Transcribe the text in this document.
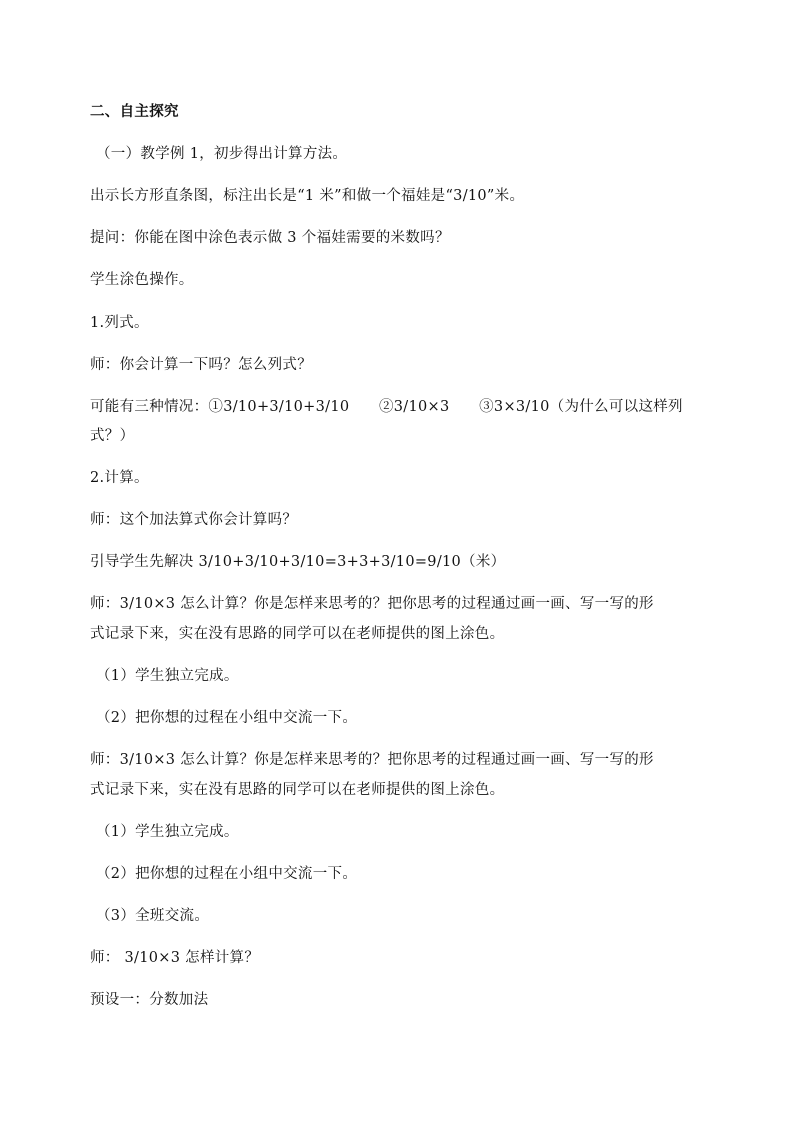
二、自主探究
（一）教学例 1，初步得出计算方法。
出示长方形直条图，标注出长是“1 米”和做一个福娃是“3/10”米。
提问：你能在图中涂色表示做 3 个福娃需要的米数吗？
学生涂色操作。
1.列式。
师：你会计算一下吗？怎么列式？
可能有三种情况：①3/10+3/10+3/10　　②3/10×3　　③3×3/10（为什么可以这样列
式？）
2.计算。
师：这个加法算式你会计算吗？
引导学生先解决 3/10+3/10+3/10=3+3+3/10=9/10（米）
师：3/10×3 怎么计算？你是怎样来思考的？把你思考的过程通过画一画、写一写的形
式记录下来，实在没有思路的同学可以在老师提供的图上涂色。
（1）学生独立完成。
（2）把你想的过程在小组中交流一下。
师：3/10×3 怎么计算？你是怎样来思考的？把你思考的过程通过画一画、写一写的形
式记录下来，实在没有思路的同学可以在老师提供的图上涂色。
（1）学生独立完成。
（2）把你想的过程在小组中交流一下。
（3）全班交流。
师： 3/10×3 怎样计算？
预设一：分数加法
